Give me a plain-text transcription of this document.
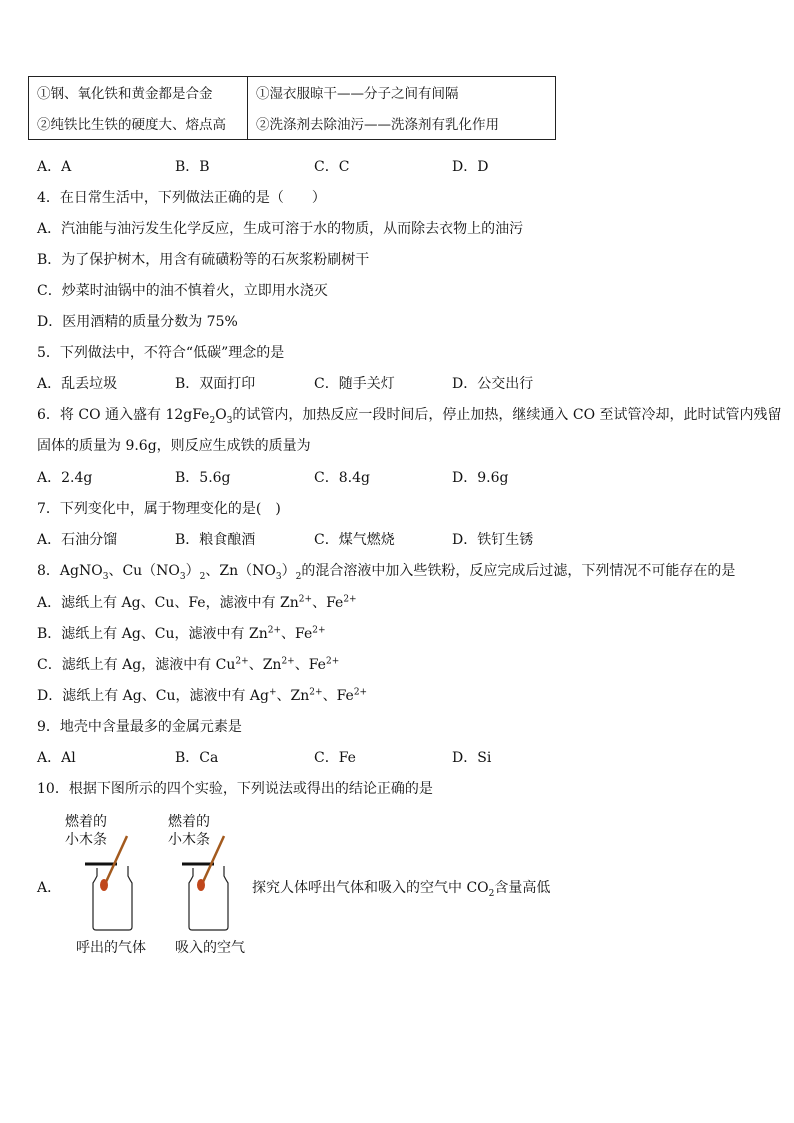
①钢、氧化铁和黄金都是合金
②纯铁比生铁的硬度大、熔点高

①湿衣服晾干——分子之间有间隔
②洗涤剂去除油污——洗涤剂有乳化作用
A．A	B．B	C．C	D．D
4．在日常生活中，下列做法正确的是（　　）
A．汽油能与油污发生化学反应，生成可溶于水的物质，从而除去衣物上的油污
B．为了保护树木，用含有硫磺粉等的石灰浆粉刷树干
C．炒菜时油锅中的油不慎着火，立即用水浇灭
D．医用酒精的质量分数为 75%
5．下列做法中，不符合“低碳”理念的是
A．乱丢垃圾	B．双面打印	C．随手关灯	D．公交出行
6．将 CO 通入盛有 $12gFe_2O_3$的试管内，加热反应一段时间后，停止加热，继续通入 CO 至试管冷却，此时试管内残留
固体的质量为 9.6g，则反应生成铁的质量为
A．2.4g	B．5.6g	C．8.4g	D．9.6g
7．下列变化中，属于物理变化的是(　)
A．石油分馏	B．粮食酿酒	C．煤气燃烧	D．铁钉生锈
8．AgNO$_3$、$Cu(NO_3)_2$、$Zn(NO_3)_2$的混合溶液中加入些铁粉，反应完成后过滤，下列情况不可能存在的是
A．滤纸上有 Ag、Cu、Fe，滤液中有 $Zn^{2+}$、$Fe^{2+}$
B．滤纸上有 Ag、Cu，滤液中有 $Zn^{2+}$、$Fe^{2+}$
C．滤纸上有 Ag，滤液中有 $Cu^{2+}$、$Zn^{2+}$、$Fe^{2+}$
D．滤纸上有 Ag、Cu，滤液中有 Ag+、$Zn^{2+}$、$Fe^{2+}$
9．地壳中含量最多的金属元素是
A．Al	B．Ca	C．Fe	D．Si
10．根据下图所示的四个实验，下列说法或得出的结论正确的是
燃着的
小木条
燃着的
小木条
A．	探究人体呼出气体和吸入的空气中 $CO_2$含量高低
呼出的气体 吸入的空气
